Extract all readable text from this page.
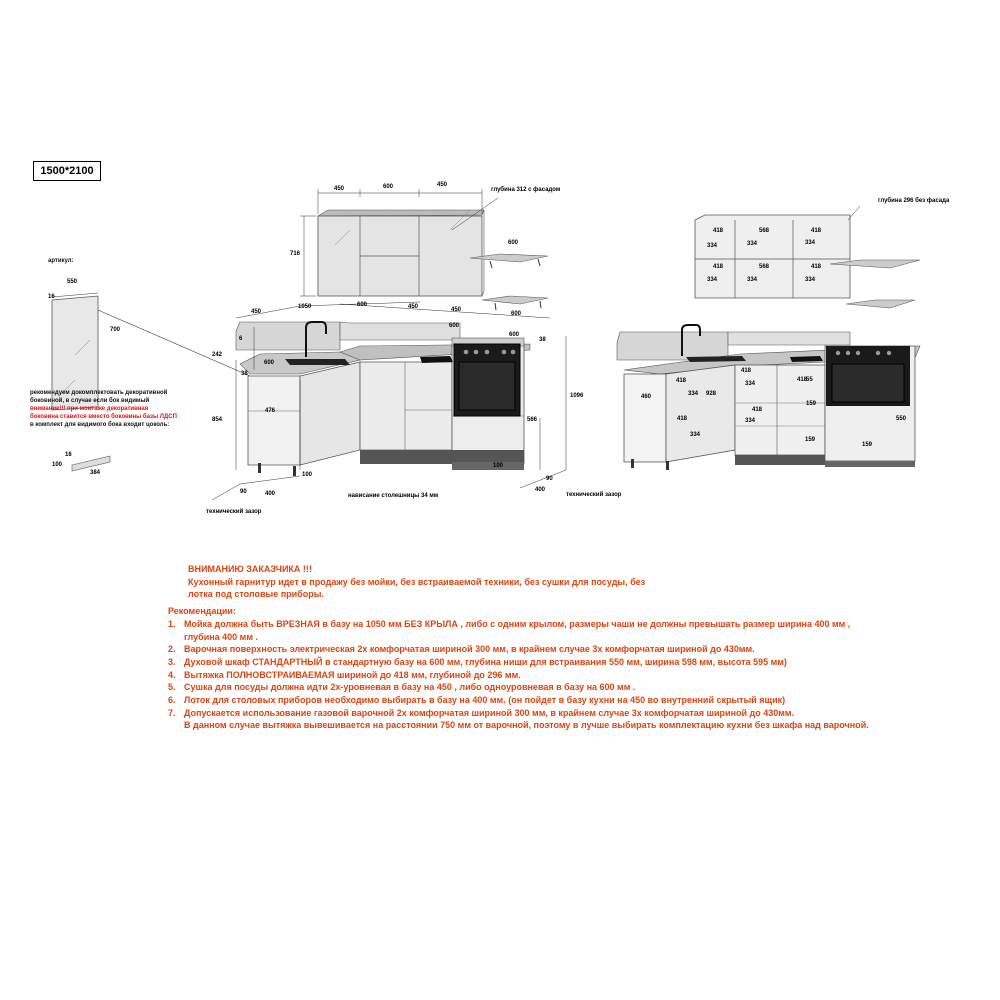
1500*2100
550
16
700
16
100
384
450	600	450
716
глубина 312 с фасадом
600
450
1050	600	450	450
600
600
600
38
6
242
600
38
854
476
1096
566
100
100
90	400
90
400
нависание столешницы 34 мм
технический зазор
технический зазор
глубина 296 без фасада
418	568	418
334	334	334
418	568	418
334	334	334
418
460	334 928
418
334
418
334
418
334
418
55
159
159
159
550
артикул:
рекомендуем докомплектовать декоративной
боковиной, в случае если бок видимый
внимание!!! при монтаже декоративная
боковина ставится вместо боковины базы ЛДСП
в комплект для видимого бока входит цоколь:
ВНИМАНИЮ ЗАКАЗЧИКА !!!
Кухонный гарнитур идет в продажу без мойки, без встраиваемой техники, без сушки для посуды, без
лотка под столовые приборы.
Рекомендации:
1. Мойка должна быть ВРЕЗНАЯ в базу на 1050 мм БЕЗ КРЫЛА , либо с одним крылом, размеры чаши не должны превышать размер ширина 400 мм ,
глубина 400 мм .
2. Варочная поверхность электрическая 2х комфорчатая шириной 300 мм, в крайнем случае 3х комфорчатая шириной до 430мм.
3. Духовой шкаф СТАНДАРТНЫЙ в стандартную базу на 600 мм, глубина ниши для встраивания 550 мм, ширина 598 мм, высота 595 мм)
4. Вытяжка ПОЛНОВСТРАИВАЕМАЯ шириной до 418 мм, глубиной до 296 мм.
5. Сушка для посуды должна идти 2х-уровневая в базу на 450 , либо одноуровневая в базу на 600 мм .
6. Лоток для столовых приборов необходимо выбирать в базу на 400 мм. (он пойдет в базу кухни на 450 во внутренний скрытый ящик)
7. Допускается использование газовой варочной 2х комфорчатая шириной 300 мм, в крайнем случае 3х комфорчатая шириной до 430мм.
В данном случае вытяжка вывешивается на расстоянии 750 мм от варочной, поэтому в лучше выбирать комплектацию кухни без шкафа над варочной.
